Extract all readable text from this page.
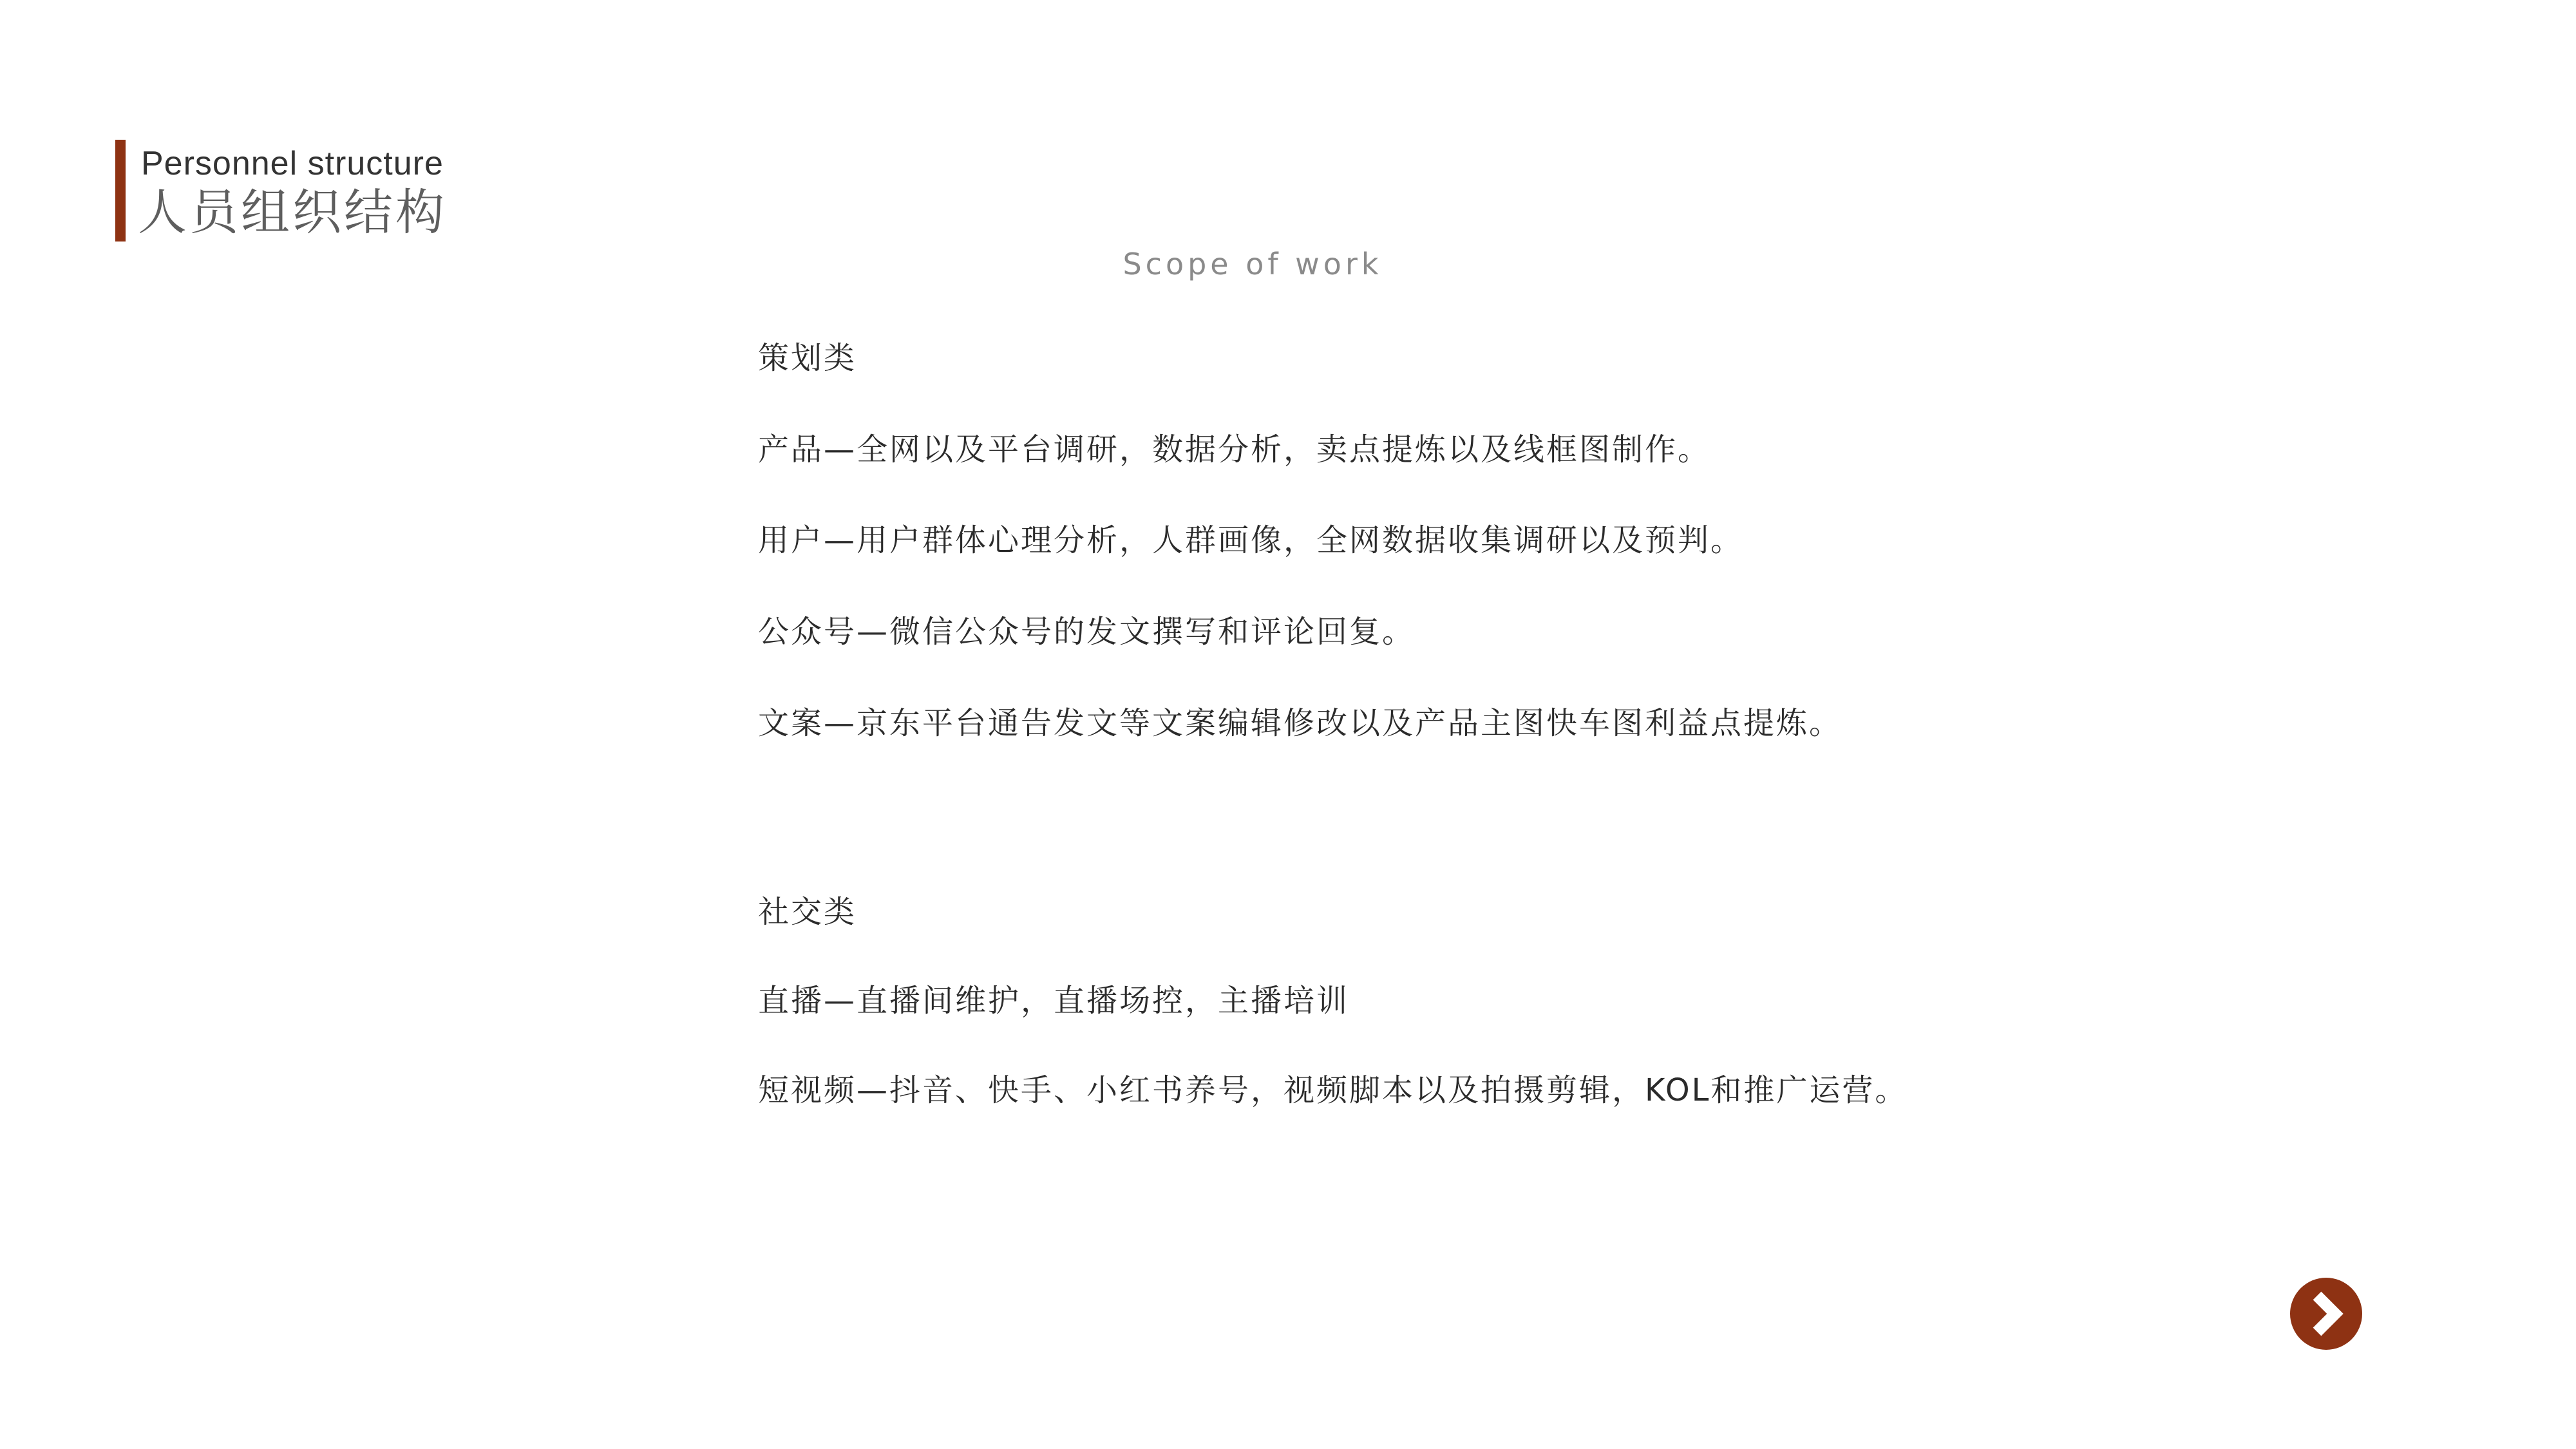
Personnel structure
人员组织结构
Scope of work
策划类
产品—全网以及平台调研，数据分析，卖点提炼以及线框图制作。
用户—用户群体心理分析，人群画像，全网数据收集调研以及预判。
公众号—微信公众号的发文撰写和评论回复。
文案—京东平台通告发文等文案编辑修改以及产品主图快车图利益点提炼。
社交类
直播—直播间维护，直播场控，主播培训
短视频—抖音、快手、小红书养号，视频脚本以及拍摄剪辑，KOL和推广运营。
